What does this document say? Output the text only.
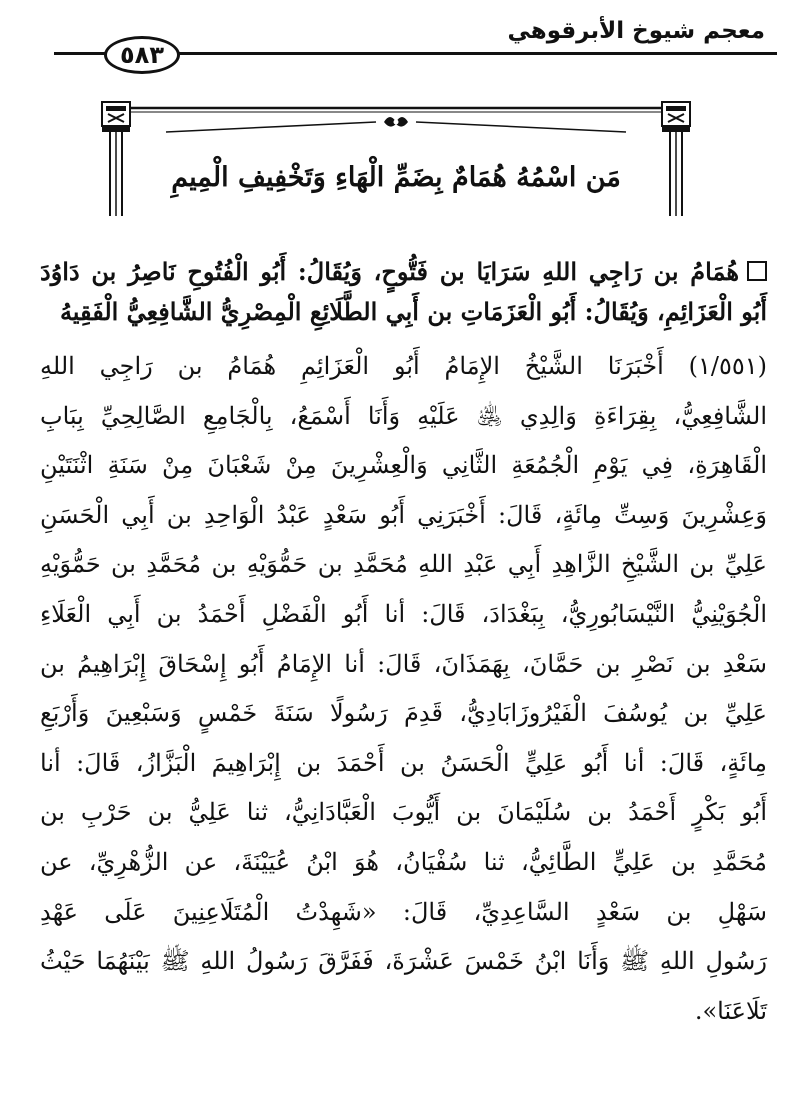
معجم شيوخ الأبرقوهي
٥٨٣
مَن اسْمُهُ هُمَامٌ بِضَمِّ الْهَاءِ وَتَخْفِيفِ الْمِيمِ
هُمَامُ بن رَاجِي اللهِ سَرَايَا بن فَتُّوحٍ، وَيُقَالُ: أَبُو الْفُتُوحِ نَاصِرُ بن دَاوُدَ
أَبُو الْعَزَائِمِ، وَيُقَالُ: أَبُو الْعَزَمَاتِ بن أَبِي الطَّلَائِعِ الْمِصْرِيُّ الشَّافِعِيُّ الْفَقِيهُ
(١/٥٥١) أَخْبَرَنَا الشَّيْخُ الإِمَامُ أَبُو الْعَزَائِمِ هُمَامُ بن رَاجِي اللهِ
الشَّافِعِيُّ، بِقِرَاءَةِ وَالِدِي ﵁ عَلَيْهِ وَأَنَا أَسْمَعُ، بِالْجَامِعِ الصَّالِحِيِّ بِبَابِ
الْقَاهِرَةِ، فِي يَوْمِ الْجُمُعَةِ الثَّانِي وَالْعِشْرِينَ مِنْ شَعْبَانَ مِنْ سَنَةِ اثْنَتَيْنِ
وَعِشْرِينَ وَسِتِّ مِائَةٍ، قَالَ: أَخْبَرَنِي أَبُو سَعْدٍ عَبْدُ الْوَاحِدِ بن أَبِي الْحَسَنِ
عَلِيِّ بن الشَّيْخِ الزَّاهِدِ أَبِي عَبْدِ اللهِ مُحَمَّدِ بن حَمُّوَيْهِ بن مُحَمَّدِ بن حَمُّوَيْهِ
الْجُوَيْنِيُّ النَّيْسَابُورِيُّ، بِبَغْدَادَ، قَالَ: أنا أَبُو الْفَضْلِ أَحْمَدُ بن أَبِي الْعَلَاءِ
سَعْدِ بن نَصْرِ بن حَمَّانَ، بِهَمَذَانَ، قَالَ: أنا الإِمَامُ أَبُو إِسْحَاقَ إِبْرَاهِيمُ بن
عَلِيِّ بن يُوسُفَ الْفَيْرُوزَابَادِيُّ، قَدِمَ رَسُولًا سَنَةَ خَمْسٍ وَسَبْعِينَ وَأَرْبَعِ
مِائَةٍ، قَالَ: أنا أَبُو عَلِيٍّ الْحَسَنُ بن أَحْمَدَ بن إِبْرَاهِيمَ الْبَزَّازُ، قَالَ: أنا
أَبُو بَكْرٍ أَحْمَدُ بن سُلَيْمَانَ بن أَيُّوبَ الْعَبَّادَانِيُّ، ثنا عَلِيُّ بن حَرْبِ بن
مُحَمَّدِ بن عَلِيٍّ الطَّائِيُّ، ثنا سُفْيَانُ، هُوَ ابْنُ عُيَيْنَةَ، عن الزُّهْرِيِّ، عن
سَهْلِ بن سَعْدٍ السَّاعِدِيِّ، قَالَ: «شَهِدْتُ الْمُتَلَاعِنِينَ عَلَى عَهْدِ
رَسُولِ اللهِ ﷺ وَأَنَا ابْنُ خَمْسَ عَشْرَةَ، فَفَرَّقَ رَسُولُ اللهِ ﷺ بَيْنَهُمَا حَيْثُ
تَلَاعَنَا».
